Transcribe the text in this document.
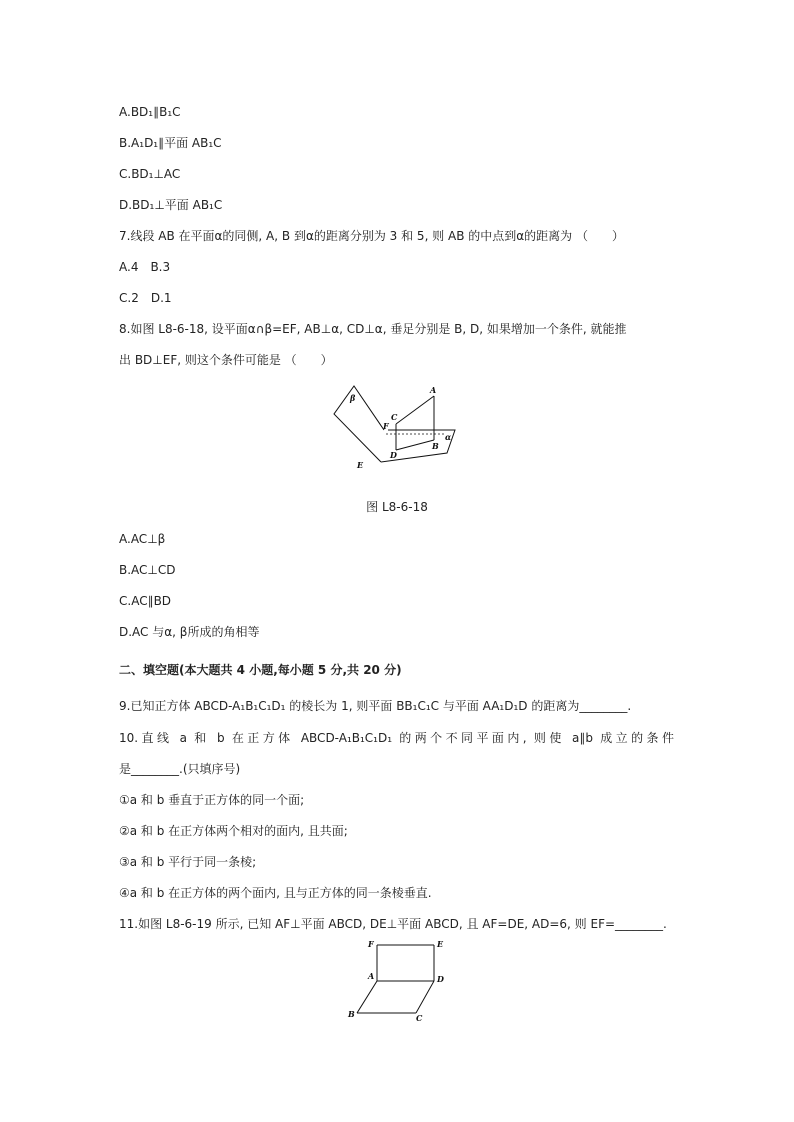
A.BD₁∥B₁C
B.A₁D₁∥平面 AB₁C
C.BD₁⊥AC
D.BD₁⊥平面 AB₁C
7.线段 AB 在平面α的同侧, A, B 到α的距离分别为 3 和 5, 则 AB 的中点到α的距离为 （　　）
A.4　B.3
C.2　D.1
8.如图 L8-6-18, 设平面α∩β=EF, AB⊥α, CD⊥α, 垂足分别是 B, D, 如果增加一个条件, 就能推
出 BD⊥EF, 则这个条件可能是 （　　）
β
A
C
F
α
D
B
E
图 L8-6-18
A.AC⊥β
B.AC⊥CD
C.AC∥BD
D.AC 与α, β所成的角相等
二、填空题(本大题共 4 小题,每小题 5 分,共 20 分)
9.已知正方体 ABCD-A₁B₁C₁D₁ 的棱长为 1, 则平面 BB₁C₁C 与平面 AA₁D₁D 的距离为________.
10.直线 a 和 b 在正方体 ABCD-A₁B₁C₁D₁ 的两个不同平面内, 则使 a∥b 成立的条件
是________.(只填序号)
①a 和 b 垂直于正方体的同一个面;
②a 和 b 在正方体两个相对的面内, 且共面;
③a 和 b 平行于同一条棱;
④a 和 b 在正方体的两个面内, 且与正方体的同一条棱垂直.
11.如图 L8-6-19 所示, 已知 AF⊥平面 ABCD, DE⊥平面 ABCD, 且 AF=DE, AD=6, 则 EF=________.
F	E
A	D
B	C
